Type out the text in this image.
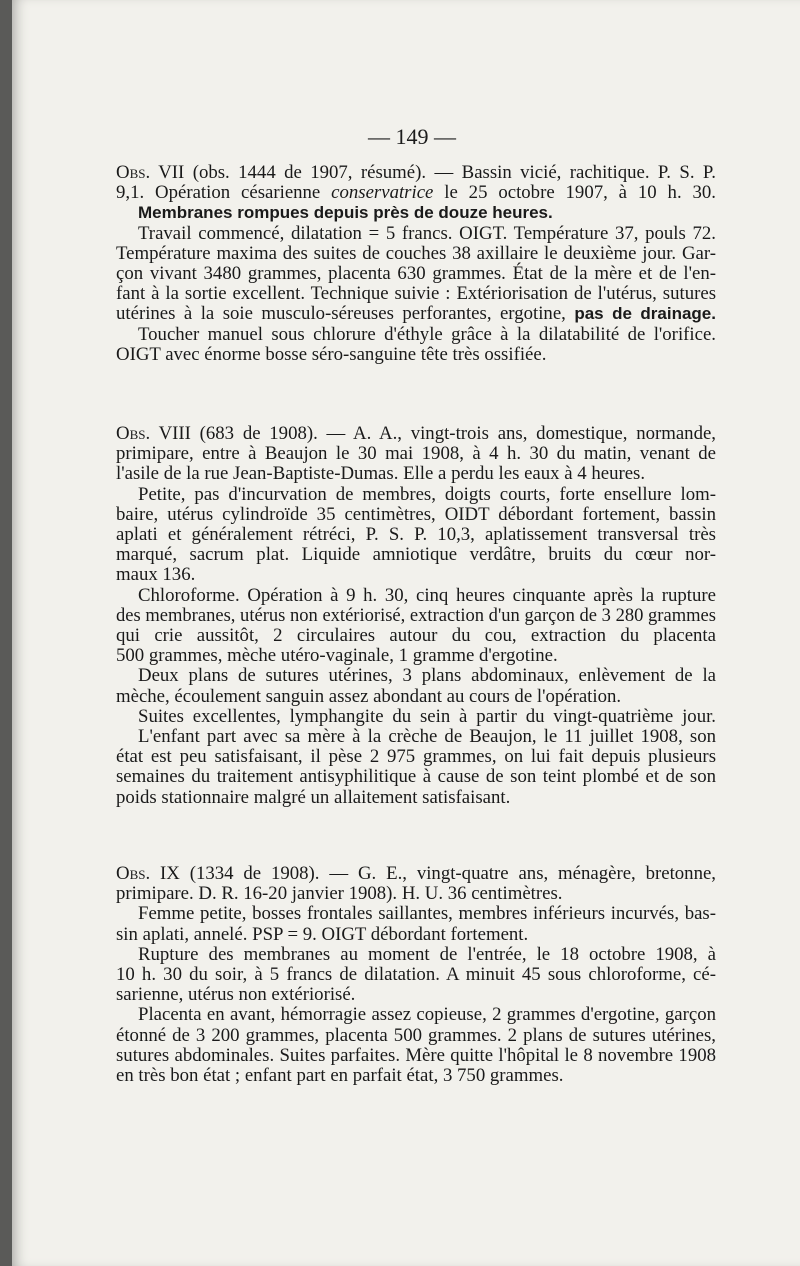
— 149 —
Obs. VII (obs. 1444 de 1907, résumé). — Bassin vicié, rachitique. P. S. P.
9,1. Opération césarienne conservatrice le 25 octobre 1907, à 10 h. 30.
Membranes rompues depuis près de douze heures.
Travail commencé, dilatation = 5 francs. OIGT. Température 37, pouls 72.
Température maxima des suites de couches 38 axillaire le deuxième jour. Gar-
çon vivant 3480 grammes, placenta 630 grammes. État de la mère et de l'en-
fant à la sortie excellent. Technique suivie : Extériorisation de l'utérus, sutures
utérines à la soie musculo-séreuses perforantes, ergotine, pas de drainage.
Toucher manuel sous chlorure d'éthyle grâce à la dilatabilité de l'orifice.
OIGT avec énorme bosse séro-sanguine tête très ossifiée.
Obs. VIII (683 de 1908). — A. A., vingt-trois ans, domestique, normande,
primipare, entre à Beaujon le 30 mai 1908, à 4 h. 30 du matin, venant de
l'asile de la rue Jean-Baptiste-Dumas. Elle a perdu les eaux à 4 heures.
Petite, pas d'incurvation de membres, doigts courts, forte ensellure lom-
baire, utérus cylindroïde 35 centimètres, OIDT débordant fortement, bassin
aplati et généralement rétréci, P. S. P. 10,3, aplatissement transversal très
marqué, sacrum plat. Liquide amniotique verdâtre, bruits du cœur nor-
maux 136.
Chloroforme. Opération à 9 h. 30, cinq heures cinquante après la rupture
des membranes, utérus non extériorisé, extraction d'un garçon de 3 280 grammes
qui crie aussitôt, 2 circulaires autour du cou, extraction du placenta
500 grammes, mèche utéro-vaginale, 1 gramme d'ergotine.
Deux plans de sutures utérines, 3 plans abdominaux, enlèvement de la
mèche, écoulement sanguin assez abondant au cours de l'opération.
Suites excellentes, lymphangite du sein à partir du vingt-quatrième jour.
L'enfant part avec sa mère à la crèche de Beaujon, le 11 juillet 1908, son
état est peu satisfaisant, il pèse 2 975 grammes, on lui fait depuis plusieurs
semaines du traitement antisyphilitique à cause de son teint plombé et de son
poids stationnaire malgré un allaitement satisfaisant.
Obs. IX (1334 de 1908). — G. E., vingt-quatre ans, ménagère, bretonne,
primipare. D. R. 16-20 janvier 1908). H. U. 36 centimètres.
Femme petite, bosses frontales saillantes, membres inférieurs incurvés, bas-
sin aplati, annelé. PSP = 9. OIGT débordant fortement.
Rupture des membranes au moment de l'entrée, le 18 octobre 1908, à
10 h. 30 du soir, à 5 francs de dilatation. A minuit 45 sous chloroforme, cé-
sarienne, utérus non extériorisé.
Placenta en avant, hémorragie assez copieuse, 2 grammes d'ergotine, garçon
étonné de 3 200 grammes, placenta 500 grammes. 2 plans de sutures utérines,
sutures abdominales. Suites parfaites. Mère quitte l'hôpital le 8 novembre 1908
en très bon état ; enfant part en parfait état, 3 750 grammes.
